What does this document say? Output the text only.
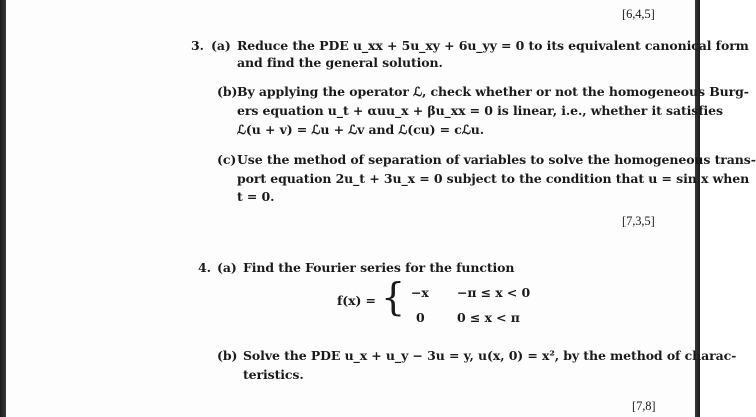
[6,4,5]
3. (a) Reduce the PDE u_xx + 5u_xy + 6u_yy = 0 to its equivalent canonical form
and find the general solution.
(b) By applying the operator ℒ, check whether or not the homogeneous Burg-
ers equation u_t + αuu_x + βu_xx = 0 is linear, i.e., whether it satisfies
ℒ(u + v) = ℒu + ℒv and ℒ(cu) = cℒu.
(c) Use the method of separation of variables to solve the homogeneous trans-
port equation 2u_t + 3u_x = 0 subject to the condition that u = sin x when
t = 0.
[7,3,5]
4. (a) Find the Fourier series for the function
f(x) = { −x −π ≤ x < 0
0	0 ≤ x < π
(b) Solve the PDE u_x + u_y − 3u = y, u(x, 0) = x², by the method of charac-
teristics.
[7,8]
